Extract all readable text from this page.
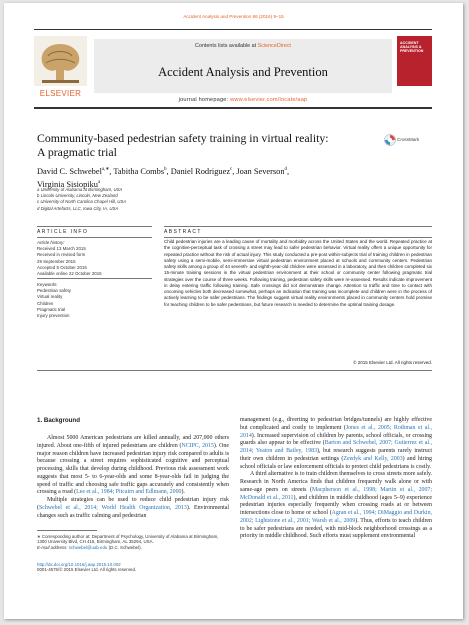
Accident Analysis and Prevention 86 (2016) 9–15
ELSEVIER
Contents lists available at ScienceDirect
Accident Analysis and Prevention
journal homepage: www.elsevier.com/locate/aap
ACCIDENT ANALYSIS & PREVENTION
Community-based pedestrian safety training in virtual reality:
A pragmatic trial
CrossMark
David C. Schwebel$^{a,∗}$, Tabitha Combs$^b$, Daniel Rodriguez$^c$, Joan Severson$^d$,
Virginia Sisiopiku$^a$
a University of Alabama at Birmingham, USA
b Lincoln University, Lincoln, New Zealand
c University of North Carolina Chapel Hill, USA
d Digital Artefacts, LLC, Iowa City, IA, USA
ARTICLE INFO
Article history:
Received 13 March 2015
Received in revised form
29 September 2015
Accepted 5 October 2015
Available online 22 October 2015
Keywords:
Pedestrian safety
Virtual reality
Children
Pragmatic trial
Injury prevention
ABSTRACT
Child pedestrian injuries are a leading cause of mortality and morbidity across the United States and the world. Repeated practice at the cognitive-perceptual task of crossing a street may lead to safer pedestrian behavior. Virtual reality offers a unique opportunity for repeated practice without the risk of actual injury. This study conducted a pre-post within-subjects trial of training children in pedestrian safety using a semi-mobile, semi-immersive virtual pedestrian environment placed at schools and community centers. Pedestrian safety skills among a group of 44 seventh- and eighth-year-old children were assessed in a laboratory, and then children completed six 15-minute training sessions in the virtual pedestrian environment at their school or community center following pragmatic trial strategies over the course of three weeks. Following training, pedestrian safety skills were re-assessed. Results indicate improvement in delay entering traffic following training. Safe crossings did not demonstrate change. Attention to traffic and time to contact with oncoming vehicles both decreased somewhat, perhaps an indication that training was incomplete and children were in the process of actively learning to be safer pedestrians. The findings suggest virtual reality environments placed in community centers hold promise for teaching children to be safer pedestrians, but future research is needed to determine the optimal training dosage.
© 2015 Elsevier Ltd. All rights reserved.
1. Background

Almost 5000 American pedestrians are killed annually, and 207,000 others injured. About one-fifth of injured pedestrians are children (NCIPC, 2015). One major reason children have increased pedestrian injury risk compared to adults is because crossing a street requires sophisticated cognitive and perceptual processing, skills that develop during childhood. Previous risk assessment work suggests that most 5- to 6-year-olds and some 8-year-olds fail in judging the speed of traffic and choosing safe traffic gaps accurately and consistently when crossing a road (Lee et al., 1984; Pitcairn and Edlmann, 2000).

Multiple strategies can be used to reduce child pedestrian injury risk (Schwebel et al., 2014; World Health Organization, 2013). Environmental changes such as traffic calming and pedestrian

management (e.g., diverting to pedestrian bridges/tunnels) are highly effective but complicated and costly to implement (Jones et al., 2005; Rothman et al., 2014). Increased supervision of children by parents, school officials, or crossing guards also appear to be effective (Barton and Schwebel, 2007; Gutierrez et al., 2014; Yeaton and Bailey, 1983), but research suggests parents rarely instruct their own children in pedestrian settings (Zeedyk and Kelly, 2003) and hiring school officials or law enforcement officials to protect child pedestrians is costly.

A third alternative is to train children themselves to cross streets more safely. Research in North America finds that children frequently walk alone or with same-age peers on streets (Macpherson et al., 1998; Martin et al., 2007; McDonald et al., 2011), and children in middle childhood (ages 5–9) experience pedestrian injuries especially frequently when crossing roads at or between intersections close to home or school (Agran et al., 1994; DiMaggio and Durkin, 2002; Lightstone et al., 2001; Warsh et al., 2009). Thus, efforts to teach children to be safer pedestrians are needed, with mid-block neighborhood crossings as a priority in middle childhood. Such efforts must supplement environmental

∗ Corresponding author at: Department of Psychology, University of Alabama at Birmingham, 1300 University Blvd, CH 415, Birmingham, AL 35294, USA.
E-mail address: schwebel@uab.edu (D.C. Schwebel).
http://dx.doi.org/10.1016/j.aap.2015.10.002
0001-4575/© 2015 Elsevier Ltd. All rights reserved.
